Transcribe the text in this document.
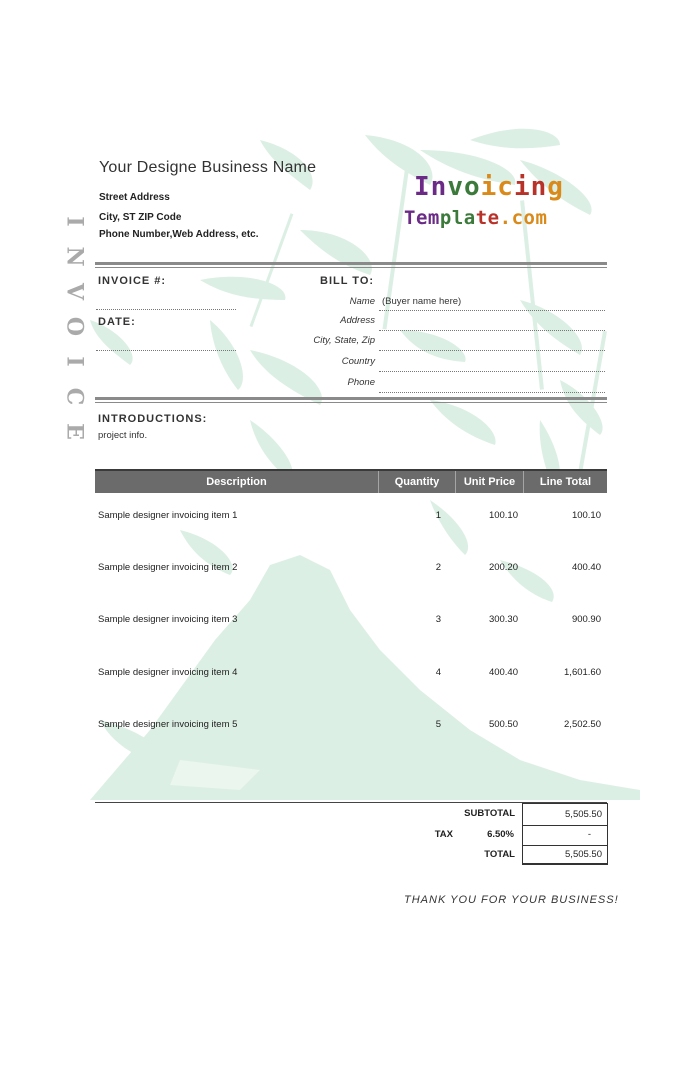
I
N
V
O
I
C
E
Your Designe Business Name
Street Address
City, ST ZIP Code
Phone Number,Web Address, etc.
Invoicing
Template.com
INVOICE #:
DATE:
BILL TO:
Name (Buyer name here)
Address
City, State, Zip
Country
Phone
INTRODUCTIONS:
project info.
Description	Quantity	Unit Price	Line Total
Sample designer invoicing item 1	1	100.10	100.10
Sample designer invoicing item 2	2	200.20	400.40
Sample designer invoicing item 3	3	300.30	900.90
Sample designer invoicing item 4	4	400.40	1,601.60
Sample designer invoicing item 5	5	500.50	2,502.50
SUBTOTAL	5,505.50
TAX	6.50%	-
TOTAL	5,505.50
THANK YOU FOR YOUR BUSINESS!
